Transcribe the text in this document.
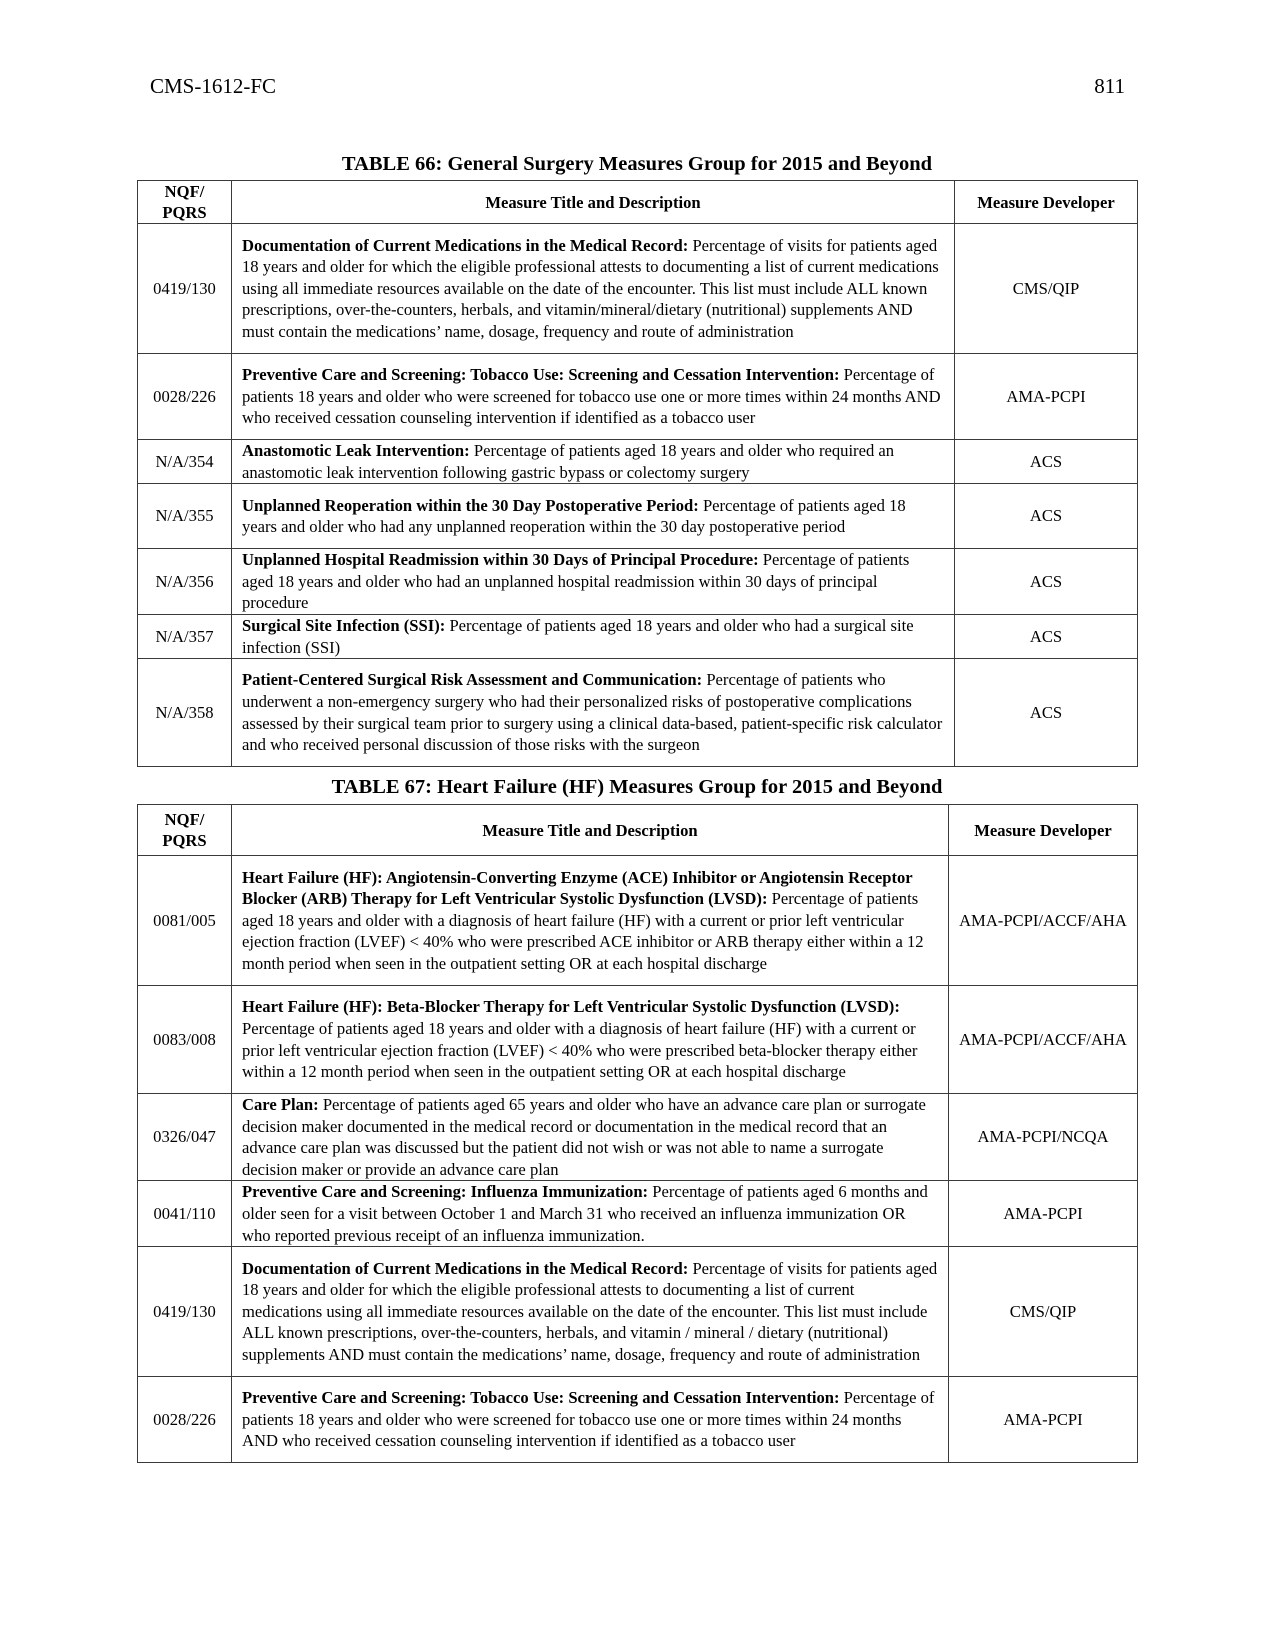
CMS-1612-FC	811
TABLE 66: General Surgery Measures Group for 2015 and Beyond
NQF/ PQRS	Measure Title and Description	Measure Developer
0419/130	Documentation of Current Medications in the Medical Record: Percentage of visits for patients aged 18 years and older for which the eligible professional attests to documenting a list of current medications using all immediate resources available on the date of the encounter. This list must include ALL known prescriptions, over-the-counters, herbals, and vitamin/mineral/dietary (nutritional) supplements AND must contain the medications’ name, dosage, frequency and route of administration	CMS/QIP
0028/226	Preventive Care and Screening: Tobacco Use: Screening and Cessation Intervention: Percentage of patients 18 years and older who were screened for tobacco use one or more times within 24 months AND who received cessation counseling intervention if identified as a tobacco user	AMA-PCPI
N/A/354	Anastomotic Leak Intervention: Percentage of patients aged 18 years and older who required an anastomotic leak intervention following gastric bypass or colectomy surgery	ACS
N/A/355	Unplanned Reoperation within the 30 Day Postoperative Period: Percentage of patients aged 18 years and older who had any unplanned reoperation within the 30 day postoperative period	ACS
N/A/356	Unplanned Hospital Readmission within 30 Days of Principal Procedure: Percentage of patients aged 18 years and older who had an unplanned hospital readmission within 30 days of principal procedure	ACS
N/A/357	Surgical Site Infection (SSI): Percentage of patients aged 18 years and older who had a surgical site infection (SSI)	ACS
N/A/358	Patient-Centered Surgical Risk Assessment and Communication: Percentage of patients who underwent a non-emergency surgery who had their personalized risks of postoperative complications assessed by their surgical team prior to surgery using a clinical data-based, patient-specific risk calculator and who received personal discussion of those risks with the surgeon	ACS
TABLE 67: Heart Failure (HF) Measures Group for 2015 and Beyond
NQF/ PQRS	Measure Title and Description	Measure Developer
0081/005	Heart Failure (HF): Angiotensin-Converting Enzyme (ACE) Inhibitor or Angiotensin Receptor Blocker (ARB) Therapy for Left Ventricular Systolic Dysfunction (LVSD): Percentage of patients aged 18 years and older with a diagnosis of heart failure (HF) with a current or prior left ventricular ejection fraction (LVEF) < 40% who were prescribed ACE inhibitor or ARB therapy either within a 12 month period when seen in the outpatient setting OR at each hospital discharge	AMA-PCPI/ACCF/AHA
0083/008	Heart Failure (HF): Beta-Blocker Therapy for Left Ventricular Systolic Dysfunction (LVSD): Percentage of patients aged 18 years and older with a diagnosis of heart failure (HF) with a current or prior left ventricular ejection fraction (LVEF) < 40% who were prescribed beta-blocker therapy either within a 12 month period when seen in the outpatient setting OR at each hospital discharge	AMA-PCPI/ACCF/AHA
0326/047	Care Plan: Percentage of patients aged 65 years and older who have an advance care plan or surrogate decision maker documented in the medical record or documentation in the medical record that an advance care plan was discussed but the patient did not wish or was not able to name a surrogate decision maker or provide an advance care plan	AMA-PCPI/NCQA
0041/110	Preventive Care and Screening: Influenza Immunization: Percentage of patients aged 6 months and older seen for a visit between October 1 and March 31 who received an influenza immunization OR who reported previous receipt of an influenza immunization.	AMA-PCPI
0419/130	Documentation of Current Medications in the Medical Record: Percentage of visits for patients aged 18 years and older for which the eligible professional attests to documenting a list of current medications using all immediate resources available on the date of the encounter. This list must include ALL known prescriptions, over-the-counters, herbals, and vitamin / mineral / dietary (nutritional) supplements AND must contain the medications’ name, dosage, frequency and route of administration	CMS/QIP
0028/226	Preventive Care and Screening: Tobacco Use: Screening and Cessation Intervention: Percentage of patients 18 years and older who were screened for tobacco use one or more times within 24 months AND who received cessation counseling intervention if identified as a tobacco user	AMA-PCPI
